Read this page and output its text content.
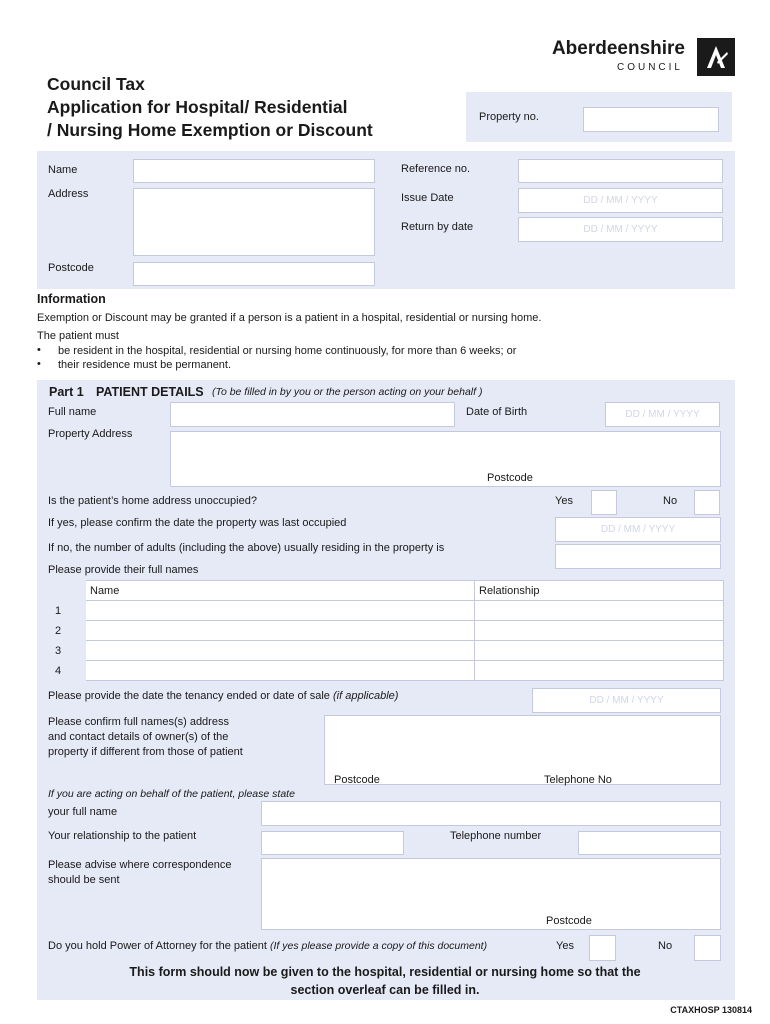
Aberdeenshire
COUNCIL
Council Tax
Application for Hospital/ Residential
/ Nursing Home Exemption or Discount
Property no.
Name
Address
Postcode
Reference no.
Issue Date	DD / MM / YYYY
Return by date	DD / MM / YYYY
Information
Exemption or Discount may be granted if a person is a patient in a hospital, residential or nursing home.
The patient must
• be resident in the hospital, residential or nursing home continuously, for more than 6 weeks; or
• their residence must be permanent.
Part 1 PATIENT DETAILS (To be filled in by you or the person acting on your behalf )
Full name	Date of Birth	DD / MM / YYYY
Property Address
Postcode
Is the patient’s home address unoccupied?	Yes	No
If yes, please confirm the date the property was last occupied	DD / MM / YYYY
If no, the number of adults (including the above) usually residing in the property is
Please provide their full names
	Name	Relationship
1		
2		
3		
4		
Please provide the date the tenancy ended or date of sale (if applicable)	DD / MM / YYYY
Please confirm full names(s) address
and contact details of owner(s) of the
property if different from those of patient
Postcode	Telephone No
If you are acting on behalf of the patient, please state
your full name
Your relationship to the patient	Telephone number
Please advise where correspondence
should be sent
Postcode
Do you hold Power of Attorney for the patient (If yes please provide a copy of this document)	Yes	No
This form should now be given to the hospital, residential or nursing home so that the
section overleaf can be filled in.
CTAXHOSP 130814
